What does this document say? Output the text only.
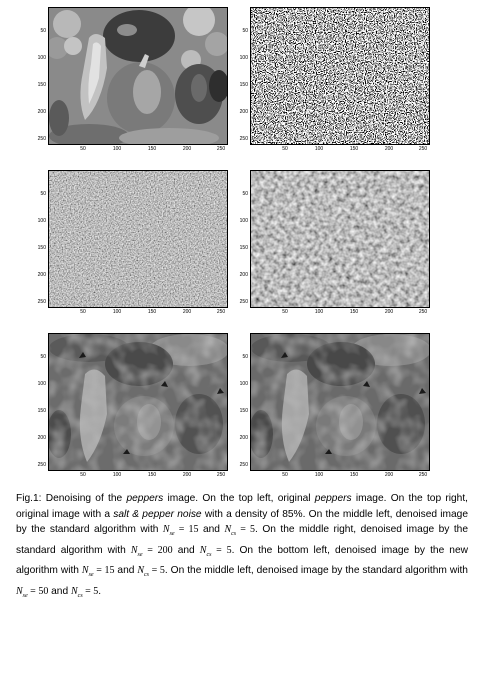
50
100
150
200
250
50	100	150	200	250
50
100
150
200
250
50	100	150	200	250
50
100
150
200
250
50	100	150	200	250
50
100
150
200
250
50	100	150	200	250
50
100
150
200
250
50	100	150	200	250
50
100
150
200
250
50	100	150	200	250
Fig.1: Denoising of the peppers image. On the top left, original peppers image. On the top right, original image with a salt & pepper noise with a density of 85%. On the middle left, denoised image by the standard algorithm with $N_{se} = 15$ and $N_{cs} = 5$. On the middle right, denoised image by the standard algorithm with $N_{se} = 200$ and $N_{cs} = 5$. On the bottom left, denoised image by the new algorithm with $N_{se} = 15$ and $N_{cs} = 5$. On the middle left, denoised image by the standard algorithm with $N_{se} = 50$ and $N_{cs} = 5$.
